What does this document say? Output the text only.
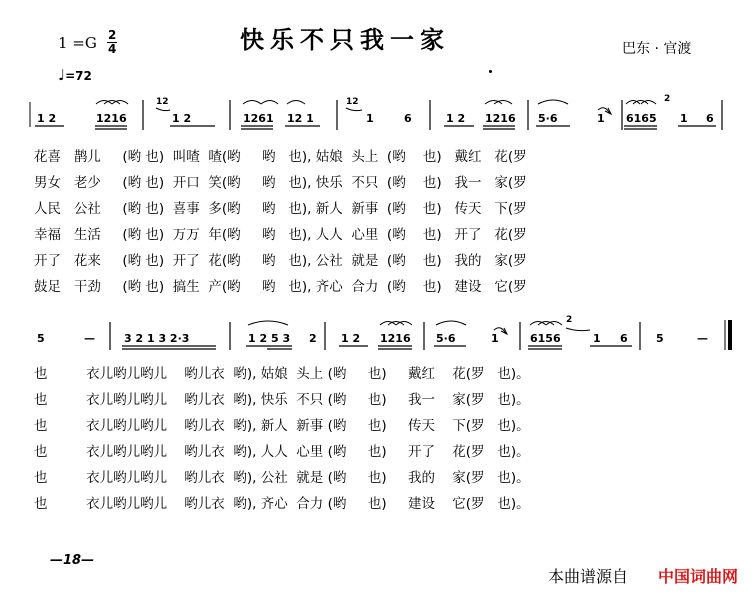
快乐不只我一家
1 =G 2
4
♩=72
巴东 · 官渡
1 2	1216	1 2	1261 12 1	1	6	1 2 1216 5·6	1 6165 1 6
12	12	2
5	—	3 2 1 3 2·3	1 2 5 3 2 1 2 1216 5·6	1	6156	1 6	5	—
2
花喜   鹊儿     (哟 也)  叫喳  喳(哟     哟   也), 姑娘  头上  (哟    也)   戴红   花(罗
男女   老少     (哟 也)  开口  笑(哟     哟   也), 快乐  不只  (哟    也)   我一   家(罗
人民   公社     (哟 也)  喜事  多(哟     哟   也), 新人  新事  (哟    也)   传天   下(罗
幸福   生活     (哟 也)  万万  年(哟     哟   也), 人人  心里  (哟    也)   开了   花(罗
开了   花来     (哟 也)  开了  花(哟     哟   也), 公社  就是  (哟    也)   我的   家(罗
鼓足   干劲     (哟 也)  搞生  产(哟     哟   也), 齐心  合力  (哟    也)   建设   它(罗
也         衣儿哟儿哟儿    哟儿衣  哟), 姑娘  头上 (哟     也)     戴红    花(罗   也)。
也         衣儿哟儿哟儿    哟儿衣  哟), 快乐  不只 (哟     也)     我一    家(罗   也)。
也         衣儿哟儿哟儿    哟儿衣  哟), 新人  新事 (哟     也)     传天    下(罗   也)。
也         衣儿哟儿哟儿    哟儿衣  哟), 人人  心里 (哟     也)     开了    花(罗   也)。
也         衣儿哟儿哟儿    哟儿衣  哟), 公社  就是 (哟     也)     我的    家(罗   也)。
也         衣儿哟儿哟儿    哟儿衣  哟), 齐心  合力 (哟     也)     建设    它(罗   也)。
—18—
本曲谱源自 中国词曲网
